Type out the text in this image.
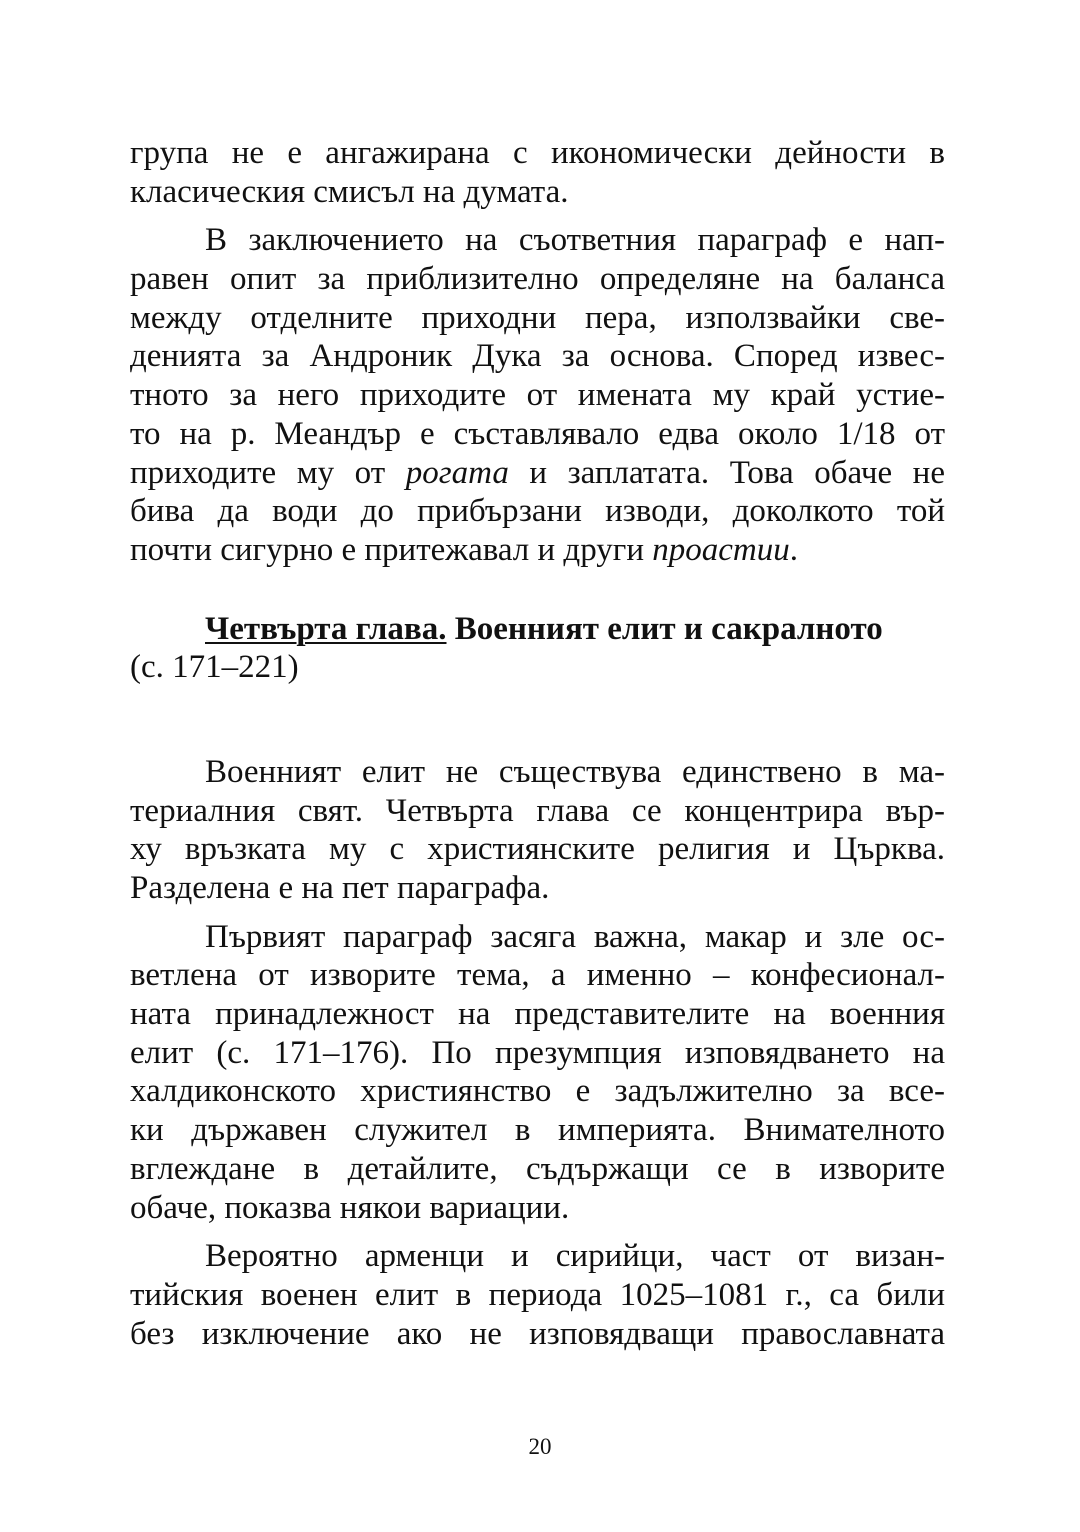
група не е ангажирана с икономически дейности в
класическия смисъл на думата.
В заключението на съответния параграф е нап-
равен опит за приблизително определяне на баланса
между отделните приходни пера, използвайки све-
денията за Андроник Дука за основа. Според извес-
тното за него приходите от имената му край устие-
то на р. Меандър е съставлявало едва около 1/18 от
приходите му от рогата и заплатата. Това обаче не
бива да води до прибързани изводи, доколкото той
почти сигурно е притежавал и други проастии.
Четвърта глава. Военният елит и сакралното
(с. 171–221)
Военният елит не съществува единствено в ма-
териалния свят. Четвърта глава се концентрира вър-
ху връзката му с християнските религия и Църква.
Разделена е на пет параграфа.
Първият параграф засяга важна, макар и зле ос-
ветлена от изворите тема, а именно – конфесионал-
ната принадлежност на представителите на военния
елит (с. 171–176). По презумпция изповядването на
халдиконското християнство е задължително за все-
ки държавен служител в империята. Внимателното
вглеждане в детайлите, съдържащи се в изворите
обаче, показва някои вариации.
Вероятно арменци и сирийци, част от визан-
тийския военен елит в периода 1025–1081 г., са били
без изключение ако не изповядващи православната
20
